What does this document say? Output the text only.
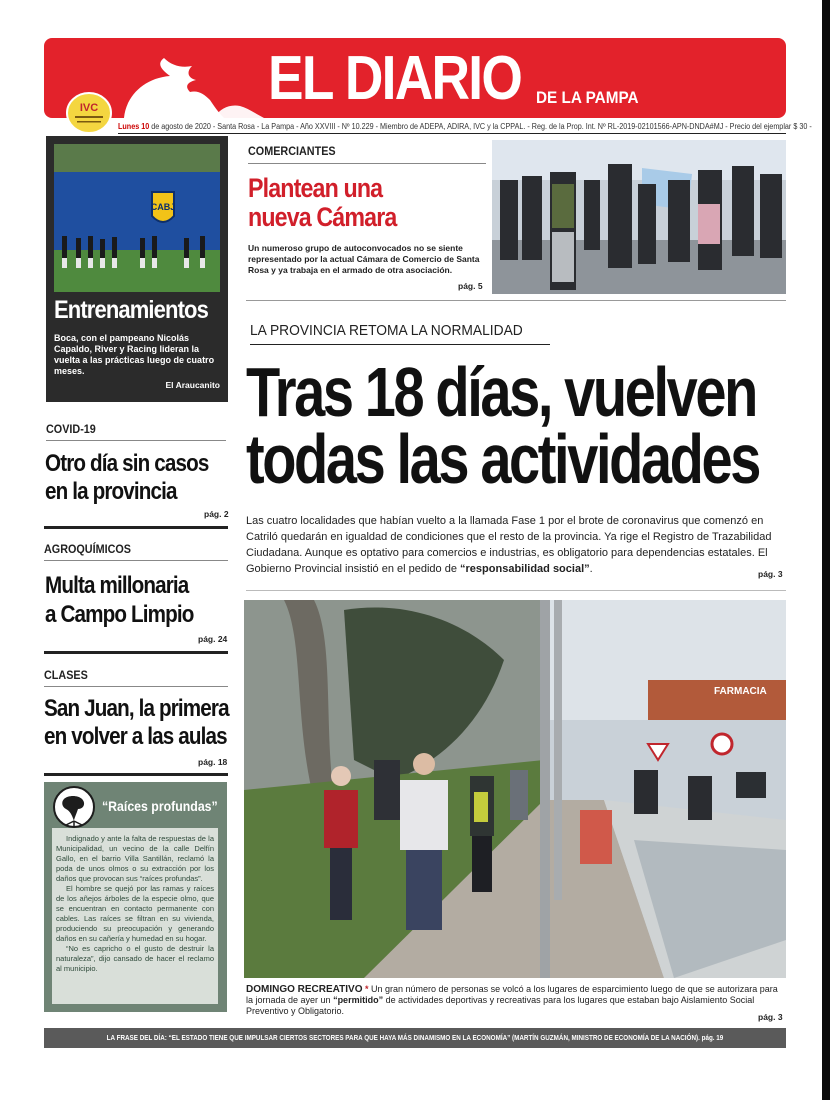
EL DIARIO DE LA PAMPA
IVC
Lunes 10 de agosto de 2020 - Santa Rosa - La Pampa - Año XXVIII - Nº 10.229 - Miembro de ADEPA, ADIRA, IVC y la CPPAL. - Reg. de la Prop. Int. Nº RL-2019-02101566-APN-DNDA#MJ - Precio del ejemplar $ 30 -
CABJ
Entrenamientos
Boca, con el pampeano Nicolás Capaldo, River y Racing lideran la vuelta a las prácticas luego de cuatro meses.
El Araucanito
COVID-19
Otro día sin casos
en la provincia
pág. 2
AGROQUÍMICOS
Multa millonaria
a Campo Limpio
pág. 24
CLASES
San Juan, la primera
en volver a las aulas
pág. 18
“Raíces profundas”

Indignado y ante la falta de respuestas de la Municipalidad, un vecino de la calle Delfín Gallo, en el barrio Villa Santillán, reclamó la poda de unos olmos o su extracción por los daños que provocan sus “raíces profundas”.

El hombre se quejó por las ramas y raíces de los añejos árboles de la especie olmo, que se encuentran en contacto permanente con cables. Las raíces se filtran en su vivienda, produciendo su preocupación y generando daños en su cañería y humedad en su hogar.

“No es capricho o el gusto de destruir la naturaleza”, dijo cansado de hacer el reclamo al municipio.

COMERCIANTES
Plantean una
nueva Cámara
Un numeroso grupo de autoconvocados no se siente representado por la actual Cámara de Comercio de Santa Rosa y ya trabaja en el armado de otra asociación.
pág. 5
LA PROVINCIA RETOMA LA NORMALIDAD
Tras 18 días, vuelven
todas las actividades
Las cuatro localidades que habían vuelto a la llamada Fase 1 por el brote de coronavirus que comenzó en Catriló quedarán en igualdad de condiciones que el resto de la provincia. Ya rige el Registro de Trazabilidad Ciudadana. Aunque es optativo para comercios e industrias, es obligatorio para dependencias estatales. El Gobierno Provincial insistió en el pedido de “responsabilidad social”.	pág. 3
FARMACIA
DOMINGO RECREATIVO * Un gran número de personas se volcó a los lugares de esparcimiento luego de que se autorizara para la jornada de ayer un “permitido” de actividades deportivas y recreativas para los lugares que estaban bajo Aislamiento Social Preventivo y Obligatorio.
pág. 3
LA FRASE DEL DÍA: “EL ESTADO TIENE QUE IMPULSAR CIERTOS SECTORES PARA QUE HAYA MÁS DINAMISMO EN LA ECONOMÍA” (MARTÍN GUZMÁN, MINISTRO DE ECONOMÍA DE LA NACIÓN). pág. 19
